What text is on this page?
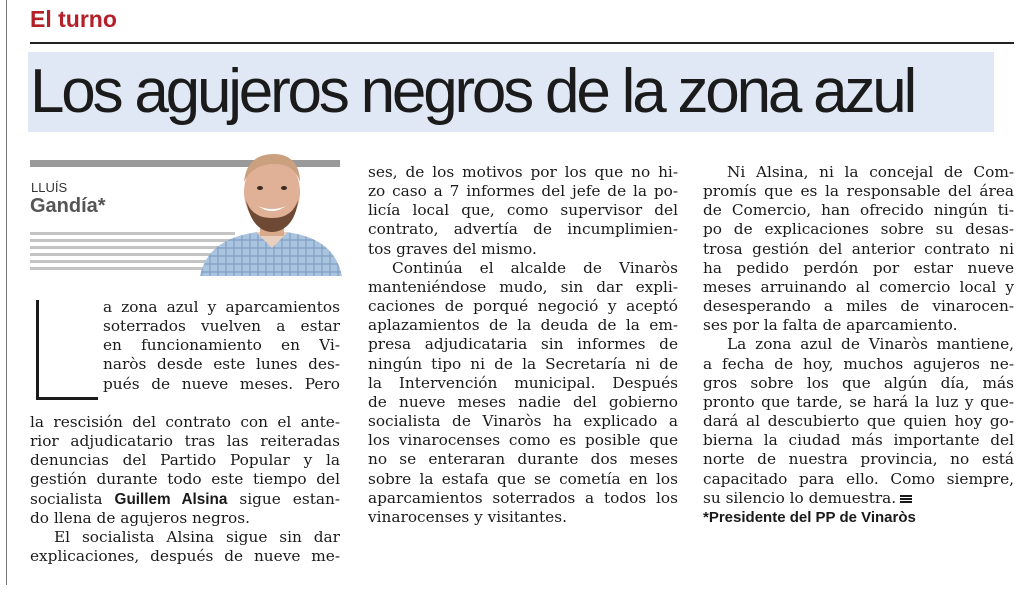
El turno
Los agujeros negros de la zona azul
LLUÍS
Gandía*

a zona azul y aparcamientos

soterrados vuelven a estar

en funcionamiento en Vi-

naròs desde este lunes des-

pués de nueve meses. Pero

la rescisión del contrato con el ante-

rior adjudicatario tras las reiteradas

denuncias del Partido Popular y la

gestión durante todo este tiempo del

socialista Guillem Alsina sigue estan-

do llena de agujeros negros.

El socialista Alsina sigue sin dar

explicaciones, después de nueve me-

ses, de los motivos por los que no hi-

zo caso a 7 informes del jefe de la po-

licía local que, como supervisor del

contrato, advertía de incumplimien-

tos graves del mismo.

Continúa el alcalde de Vinaròs

manteniéndose mudo, sin dar expli-

caciones de porqué negoció y aceptó

aplazamientos de la deuda de la em-

presa adjudicataria sin informes de

ningún tipo ni de la Secretaría ni de

la Intervención municipal. Después

de nueve meses nadie del gobierno

socialista de Vinaròs ha explicado a

los vinarocenses como es posible que

no se enteraran durante dos meses

sobre la estafa que se cometía en los

aparcamientos soterrados a todos los

vinarocenses y visitantes.

Ni Alsina, ni la concejal de Com-

promís que es la responsable del área

de Comercio, han ofrecido ningún ti-

po de explicaciones sobre su desas-

trosa gestión del anterior contrato ni

ha pedido perdón por estar nueve

meses arruinando al comercio local y

desesperando a miles de vinarocen-

ses por la falta de aparcamiento.

La zona azul de Vinaròs mantiene,

a fecha de hoy, muchos agujeros ne-

gros sobre los que algún día, más

pronto que tarde, se hará la luz y que-

dará al descubierto que quien hoy go-

bierna la ciudad más importante del

norte de nuestra provincia, no está

capacitado para ello. Como siempre,

su silencio lo demuestra.

*Presidente del PP de Vinaròs
